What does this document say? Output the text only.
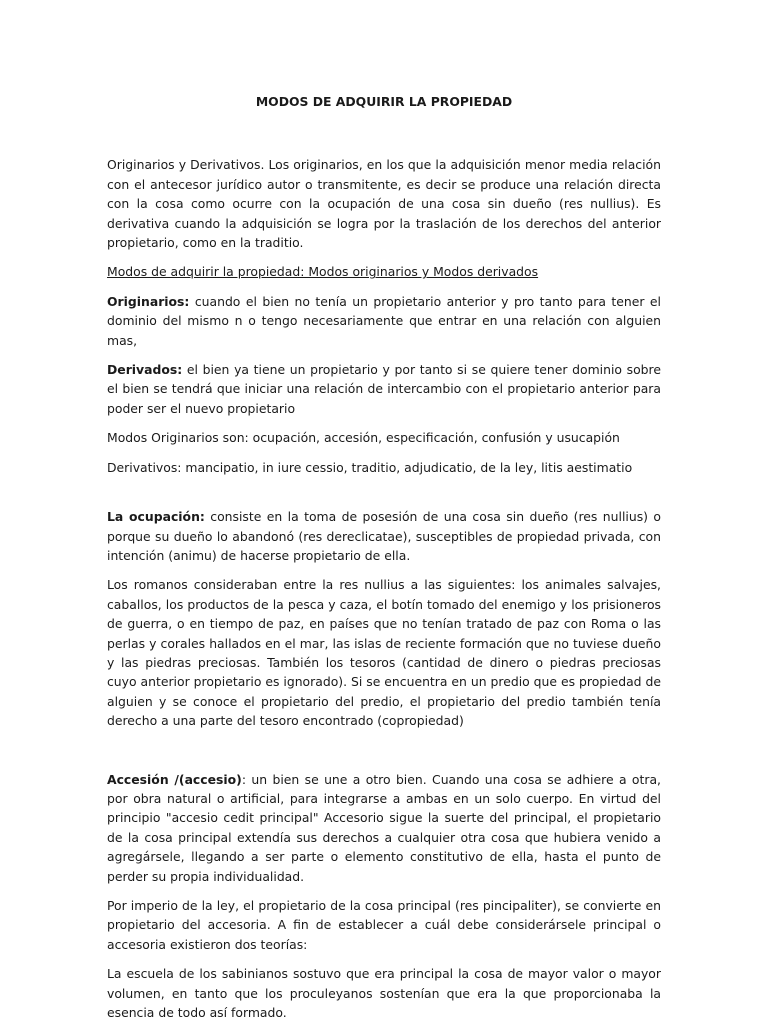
MODOS DE ADQUIRIR LA PROPIEDAD

Originarios y Derivativos. Los originarios, en los que la adquisición menor media relación con el antecesor jurídico autor o transmitente, es decir se produce una relación directa con la cosa como ocurre con la ocupación de una cosa sin dueño (res nullius). Es derivativa cuando la adquisición se logra por la traslación de los derechos del anterior propietario, como en la traditio.

Modos de adquirir la propiedad: Modos originarios y Modos derivados

Originarios: cuando el bien no tenía un propietario anterior y pro tanto para tener el dominio del mismo n o tengo necesariamente que entrar en una relación con alguien mas,

Derivados: el bien ya tiene un propietario y por tanto si se quiere tener dominio sobre el bien se tendrá que iniciar una relación de intercambio con el propietario anterior para poder ser el nuevo propietario

Modos Originarios son: ocupación, accesión, especificación, confusión y usucapión

Derivativos: mancipatio, in iure cessio, traditio, adjudicatio, de la ley, litis aestimatio

La ocupación: consiste en la toma de posesión de una cosa sin dueño (res nullius) o porque su dueño lo abandonó (res dereclicatae), susceptibles de propiedad privada, con intención (animu) de hacerse propietario de ella.

Los romanos consideraban entre la res nullius a las siguientes: los animales salvajes, caballos, los productos de la pesca y caza, el botín tomado del enemigo y los prisioneros de guerra, o en tiempo de paz, en países que no tenían tratado de paz con Roma o las perlas y corales hallados en el mar, las islas de reciente formación que no tuviese dueño y las piedras preciosas. También los tesoros (cantidad de dinero o piedras preciosas cuyo anterior propietario es ignorado). Si se encuentra en un predio que es propiedad de alguien y se conoce el propietario del predio, el propietario del predio también tenía derecho a una parte del tesoro encontrado (copropiedad)

Accesión /(accesio): un bien se une a otro bien. Cuando una cosa se adhiere a otra, por obra natural o artificial, para integrarse a ambas en un solo cuerpo. En virtud del principio "accesio cedit principal" Accesorio sigue la suerte del principal, el propietario de la cosa principal extendía sus derechos a cualquier otra cosa que hubiera venido a agregársele, llegando a ser parte o elemento constitutivo de ella, hasta el punto de perder su propia individualidad.

Por imperio de la ley, el propietario de la cosa principal (res pincipaliter), se convierte en propietario del accesoria. A fin de establecer a cuál debe considerársele principal o accesoria existieron dos teorías:

La escuela de los sabinianos sostuvo que era principal la cosa de mayor valor o mayor volumen, en tanto que los proculeyanos sostenían que era la que proporcionaba la esencia de todo así formado.
